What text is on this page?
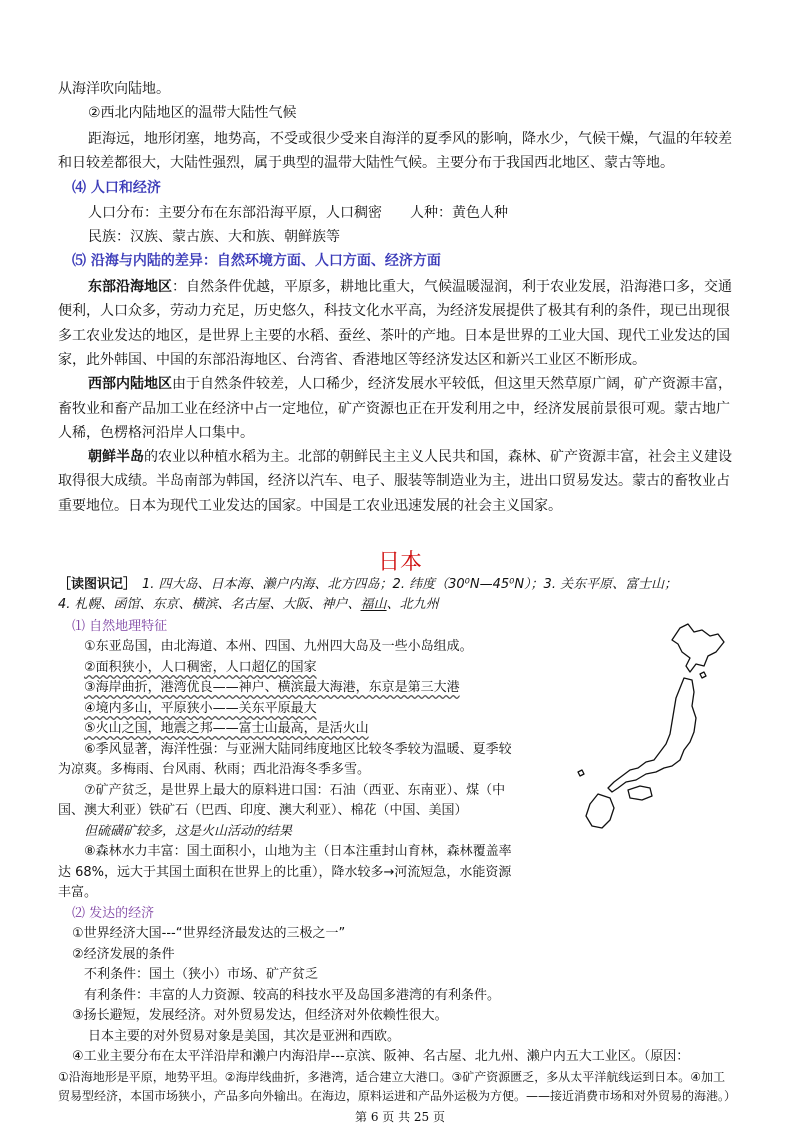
从海洋吹向陆地。
②西北内陆地区的温带大陆性气候
距海远，地形闭塞，地势高，不受或很少受来自海洋的夏季风的影响，降水少，气候干燥，气温的年较差
和日较差都很大，大陆性强烈，属于典型的温带大陆性气候。主要分布于我国西北地区、蒙古等地。
⑷ 人口和经济
人口分布：主要分布在东部沿海平原，人口稠密　　人种：黄色人种
民族：汉族、蒙古族、大和族、朝鲜族等
⑸ 沿海与内陆的差异：自然环境方面、人口方面、经济方面
东部沿海地区：自然条件优越，平原多，耕地比重大，气候温暖湿润，利于农业发展，沿海港口多，交通
便利，人口众多，劳动力充足，历史悠久，科技文化水平高，为经济发展提供了极其有利的条件，现已出现很
多工农业发达的地区，是世界上主要的水稻、蚕丝、茶叶的产地。日本是世界的工业大国、现代工业发达的国
家，此外韩国、中国的东部沿海地区、台湾省、香港地区等经济发达区和新兴工业区不断形成。
西部内陆地区由于自然条件较差，人口稀少，经济发展水平较低，但这里天然草原广阔，矿产资源丰富，
畜牧业和畜产品加工业在经济中占一定地位，矿产资源也正在开发利用之中，经济发展前景很可观。蒙古地广
人稀，色楞格河沿岸人口集中。
朝鲜半岛的农业以种植水稻为主。北部的朝鲜民主主义人民共和国，森林、矿产资源丰富，社会主义建设
取得很大成绩。半岛南部为韩国，经济以汽车、电子、服装等制造业为主，进出口贸易发达。蒙古的畜牧业占
重要地位。日本为现代工业发达的国家。中国是工农业迅速发展的社会主义国家。
日本
［读图识记］ 1. 四大岛、日本海、濑户内海、北方四岛；2. 纬度（30⁰N—45⁰N）；3. 关东平原、富士山；
4. 札幌、函馆、东京、横滨、名古屋、大阪、神户、福山、北九州
⑴ 自然地理特征
①东亚岛国，由北海道、本州、四国、九州四大岛及一些小岛组成。
②面积狭小，人口稠密，人口超亿的国家
③海岸曲折，港湾优良——神户、横滨最大海港，东京是第三大港
④境内多山，平原狭小——关东平原最大
⑤火山之国，地震之邦——富士山最高，是活火山
⑥季风显著，海洋性强：与亚洲大陆同纬度地区比较冬季较为温暖、夏季较
为凉爽。多梅雨、台风雨、秋雨；西北沿海冬季多雪。
⑦矿产贫乏，是世界上最大的原料进口国：石油（西亚、东南亚）、煤（中
国、澳大利亚）铁矿石（巴西、印度、澳大利亚）、棉花（中国、美国）
但硫磺矿较多，这是火山活动的结果
⑧森林水力丰富：国土面积小，山地为主（日本注重封山育林，森林覆盖率
达 68%，远大于其国土面积在世界上的比重），降水较多→河流短急，水能资源
丰富。
⑵ 发达的经济
①世界经济大国---“世界经济最发达的三极之一”
②经济发展的条件
不利条件：国土（狭小）市场、矿产贫乏
有利条件：丰富的人力资源、较高的科技水平及岛国多港湾的有利条件。
③扬长避短，发展经济。对外贸易发达，但经济对外依赖性很大。
日本主要的对外贸易对象是美国，其次是亚洲和西欧。
④工业主要分布在太平洋沿岸和濑户内海沿岸---京滨、阪神、名古屋、北九州、濑户内五大工业区。（原因：
①沿海地形是平原，地势平坦。②海岸线曲折，多港湾，适合建立大港口。③矿产资源匮乏，多从太平洋航线运到日本。④加工
贸易型经济，本国市场狭小，产品多向外输出。在海边，原料运进和产品外运极为方便。——接近消费市场和对外贸易的海港。）
第 6 页 共 25 页
